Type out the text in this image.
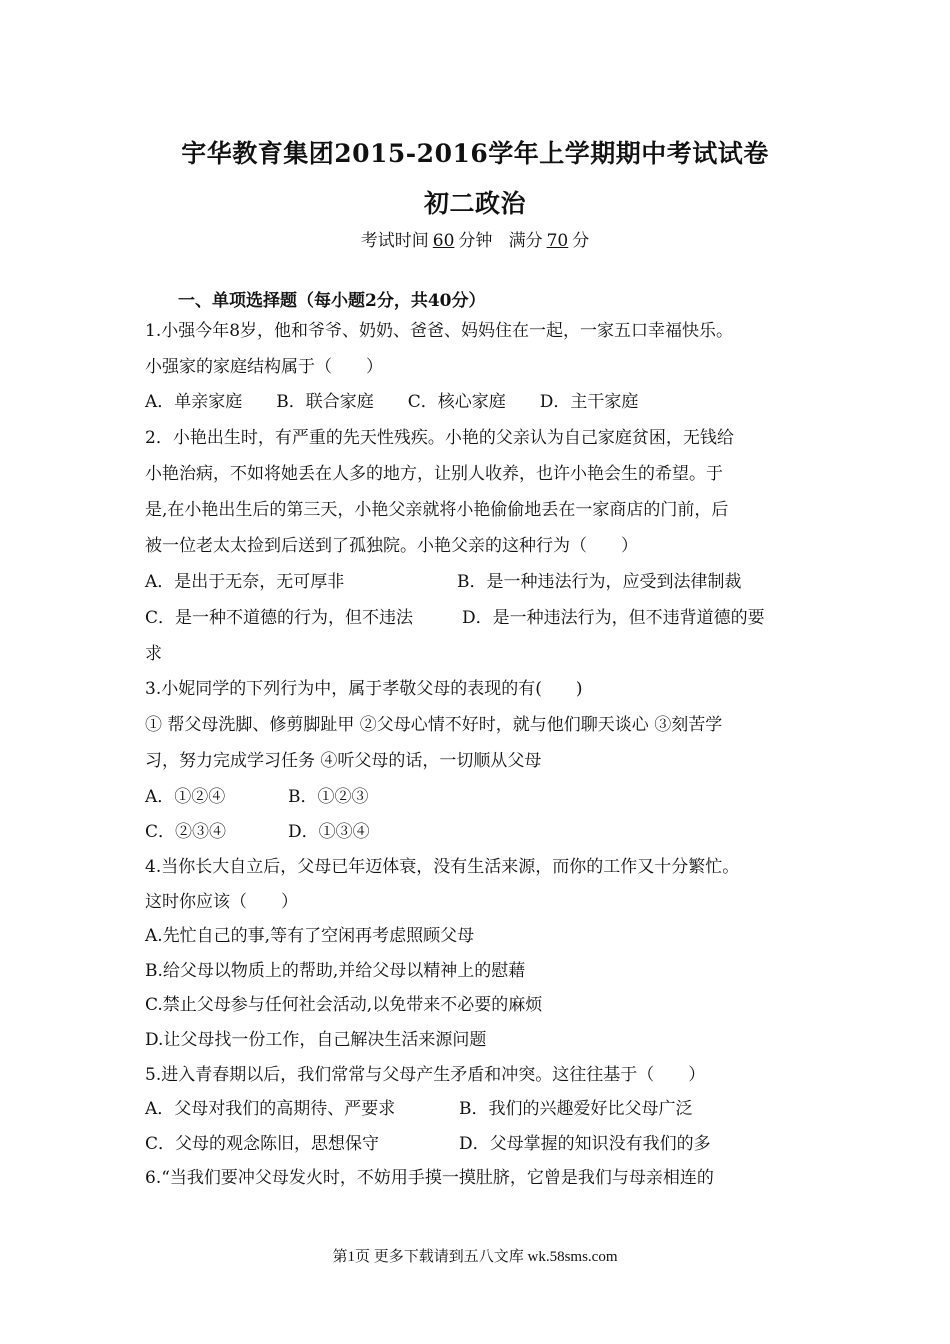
宇华教育集团2015-2016学年上学期期中考试试卷
初二政治
考试时间 60 分钟 满分 70 分
一、单项选择题（每小题2分，共40分）
1.小强今年8岁，他和爷爷、奶奶、爸爸、妈妈住在一起，一家五口幸福快乐。
小强家的家庭结构属于（　　）
A．单亲家庭　　B．联合家庭　　C．核心家庭　　D．主干家庭
2．小艳出生时，有严重的先天性残疾。小艳的父亲认为自己家庭贫困，无钱给
小艳治病，不如将她丢在人多的地方，让别人收养，也许小艳会生的希望。于
是,在小艳出生后的第三天，小艳父亲就将小艳偷偷地丢在一家商店的门前，后
被一位老太太捡到后送到了孤独院。小艳父亲的这种行为（　　）
A．是出于无奈，无可厚非	B．是一种违法行为，应受到法律制裁
C．是一种不道德的行为，但不违法	D．是一种违法行为，但不违背道德的要
求
3.小妮同学的下列行为中，属于孝敬父母的表现的有(　　)
① 帮父母洗脚、修剪脚趾甲 ②父母心情不好时，就与他们聊天谈心 ③刻苦学
习，努力完成学习任务 ④听父母的话，一切顺从父母
A．①②④	B．①②③
C．②③④	D．①③④
4.当你长大自立后，父母已年迈体衰，没有生活来源，而你的工作又十分繁忙。
这时你应该（　　）
A.先忙自己的事,等有了空闲再考虑照顾父母
B.给父母以物质上的帮助,并给父母以精神上的慰藉
C.禁止父母参与任何社会活动,以免带来不必要的麻烦
D.让父母找一份工作，自己解决生活来源问题
5.进入青春期以后，我们常常与父母产生矛盾和冲突。这往往基于（　　）
A．父母对我们的高期待、严要求	B．我们的兴趣爱好比父母广泛
C．父母的观念陈旧，思想保守	D．父母掌握的知识没有我们的多
6.“当我们要冲父母发火时，不妨用手摸一摸肚脐，它曾是我们与母亲相连的
第1页 更多下载请到五八文库 wk.58sms.com
